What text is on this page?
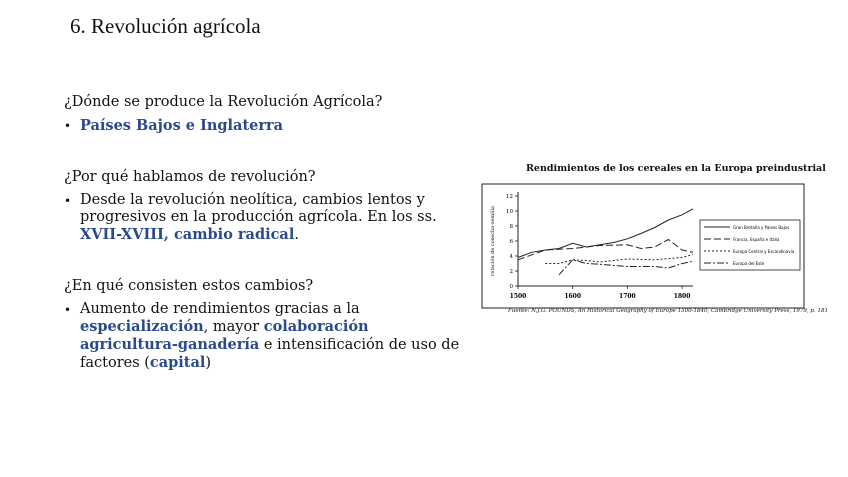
6. Revolución agrícola

¿Dónde se produce la Revolución Agrícola?

• Países Bajos e Inglaterra

¿Por qué hablamos de revolución?

• Desde la revolución neolítica, cambios lentos y progresivos en la producción agrícola. En los ss. XVII-XVIII, cambio radical.

¿En qué consisten estos cambios?

• Aumento de rendimientos gracias a la especialización, mayor colaboración agricultura-ganadería e intensificación de uso de factores (capital)
Rendimientos de los cereales en la Europa preindustrial
0
2
4
6
8
10
12
1500	1600	1700	1800
relación de cosecha-semilla	Gran Bretaña y Países Bajos
Francia, España e Italia
Europa Central y Escandinavia
Europa del Este
Fuente: N.J.G. POUNDS, An Historical Geography of Europe 1500-1840, Cambridge University Press, 1979, p. 181
